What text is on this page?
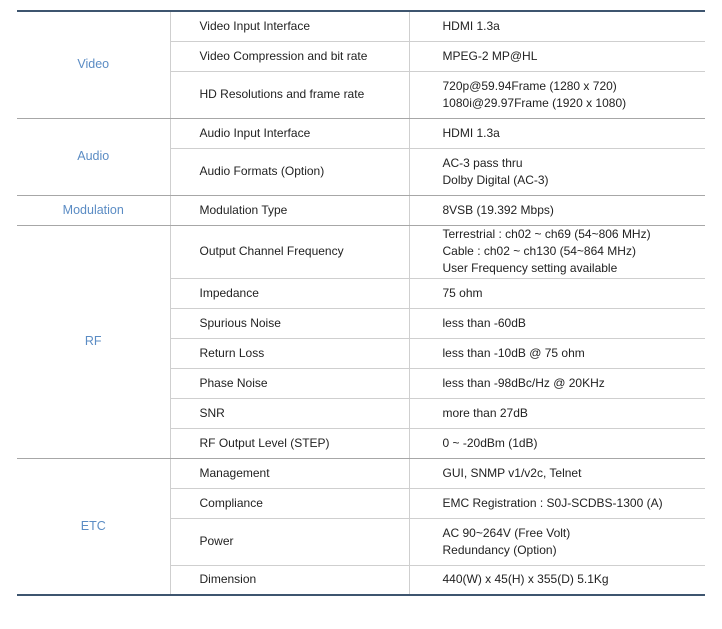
Video	Video Input Interface	HDMI 1.3a

	Video Compression and bit rate	MPEG-2 MP@HL

	HD Resolutions and frame rate	720p@59.94Frame (1280 x 720)
1080i@29.97Frame (1920 x 1080)

Audio	Audio Input Interface	HDMI 1.3a

	Audio Formats (Option)	AC-3 pass thru
Dolby Digital (AC-3)

Modulation	Modulation Type	8VSB (19.392 Mbps)

RF	Output Channel Frequency	Terrestrial : ch02 ~ ch69 (54~806 MHz)
Cable : ch02 ~ ch130 (54~864 MHz)
User Frequency setting available

	Impedance	75 ohm

	Spurious Noise	less than -60dB

	Return Loss	less than -10dB @ 75 ohm

	Phase Noise	less than -98dBc/Hz @ 20KHz

	SNR	more than 27dB

	RF Output Level (STEP)	0 ~ -20dBm (1dB)

ETC	Management	GUI, SNMP v1/v2c, Telnet

	Compliance	EMC Registration : S0J-SCDBS-1300 (A)

	Power	AC 90~264V (Free Volt)
Redundancy (Option)

	Dimension	440(W) x 45(H) x 355(D) 5.1Kg
